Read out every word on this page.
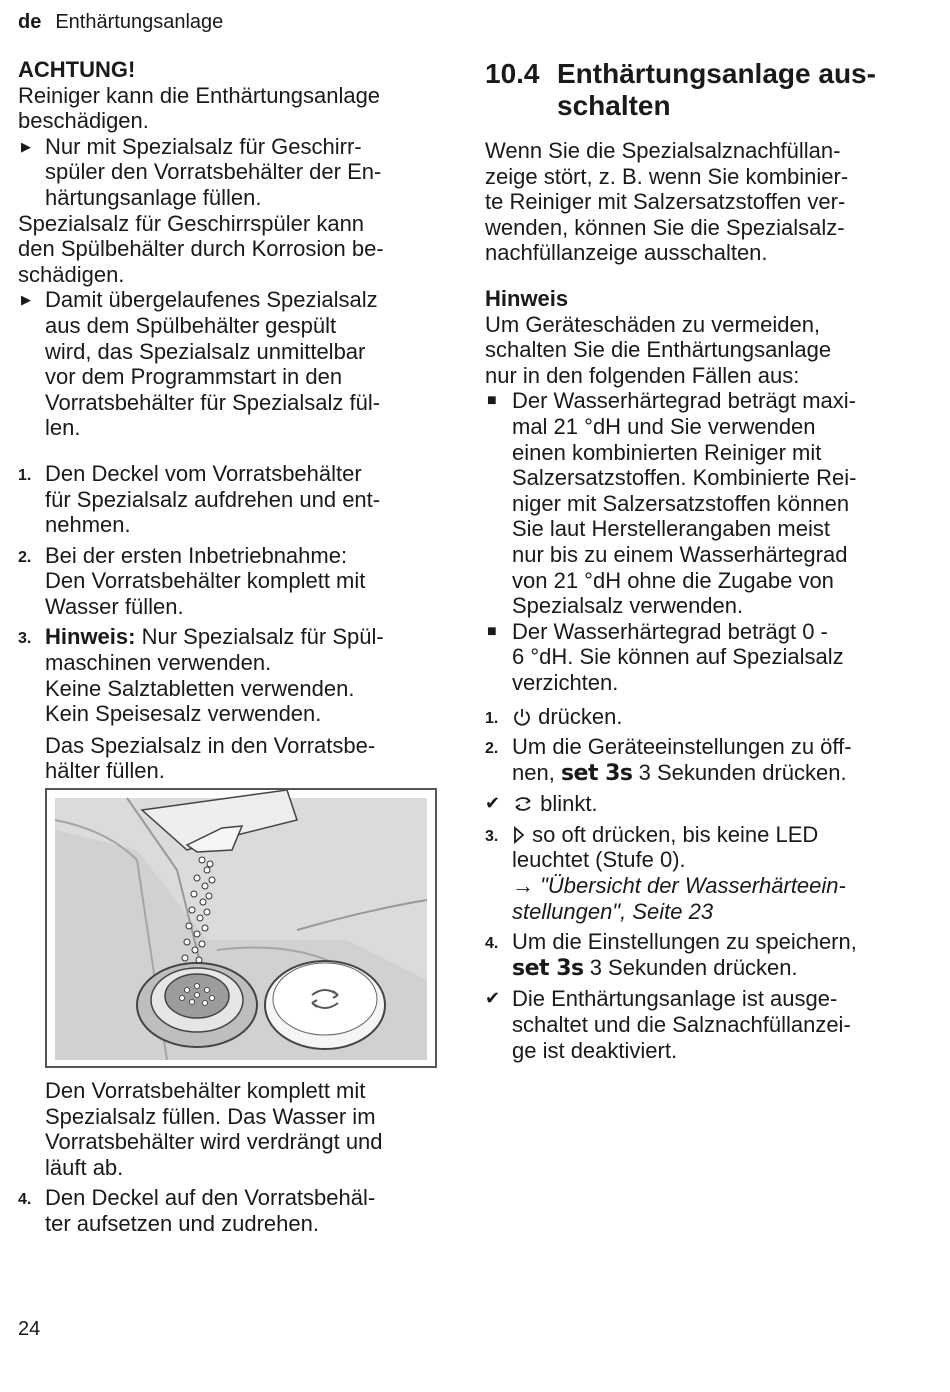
de Enthärtungsanlage

ACHTUNG!

Reiniger kann die Enthärtungsanlage

beschädigen.

▶ Nur mit Spezialsalz für Geschirr-

spüler den Vorratsbehälter der En-

härtungsanlage füllen.

Spezialsalz für Geschirrspüler kann

den Spülbehälter durch Korrosion be-

schädigen.

▶ Damit übergelaufenes Spezialsalz

aus dem Spülbehälter gespült

wird, das Spezialsalz unmittelbar

vor dem Programmstart in den

Vorratsbehälter für Spezialsalz fül-

len.

1. Den Deckel vom Vorratsbehälter

für Spezialsalz aufdrehen und ent-

nehmen.

2. Bei der ersten Inbetriebnahme:

Den Vorratsbehälter komplett mit

Wasser füllen.

3. Hinweis: Nur Spezialsalz für Spül-

maschinen verwenden.

Keine Salztabletten verwenden.

Kein Speisesalz verwenden.

Das Spezialsalz in den Vorratsbe-

hälter füllen.

Den Vorratsbehälter komplett mit

Spezialsalz füllen. Das Wasser im

Vorratsbehälter wird verdrängt und

läuft ab.

4. Den Deckel auf den Vorratsbehäl-

ter aufsetzen und zudrehen.

10.4 Enthärtungsanlage aus-

schalten

Wenn Sie die Spezialsalznachfüllan-

zeige stört, z. B. wenn Sie kombinier-

te Reiniger mit Salzersatzstoffen ver-

wenden, können Sie die Spezialsalz-

nachfüllanzeige ausschalten.

Hinweis

Um Geräteschäden zu vermeiden,

schalten Sie die Enthärtungsanlage

nur in den folgenden Fällen aus:

■ Der Wasserhärtegrad beträgt maxi-

mal 21 °dH und Sie verwenden

einen kombinierten Reiniger mit

Salzersatzstoffen. Kombinierte Rei-

niger mit Salzersatzstoffen können

Sie laut Herstellerangaben meist

nur bis zu einem Wasserhärtegrad

von 21 °dH ohne die Zugabe von

Spezialsalz verwenden.

■ Der Wasserhärtegrad beträgt 0 -

6 °dH. Sie können auf Spezialsalz

verzichten.

1.	drücken.

2. Um die Geräteeinstellungen zu öff-

nen, set 3s 3 Sekunden drücken.

✔	blinkt.

3.	so oft drücken, bis keine LED

leuchtet (Stufe 0).

→ "Übersicht der Wasserhärteein-

stellungen", Seite 23

4. Um die Einstellungen zu speichern,

set 3s 3 Sekunden drücken.

✔ Die Enthärtungsanlage ist ausge-

schaltet und die Salznachfüllanzei-

ge ist deaktiviert.

24
